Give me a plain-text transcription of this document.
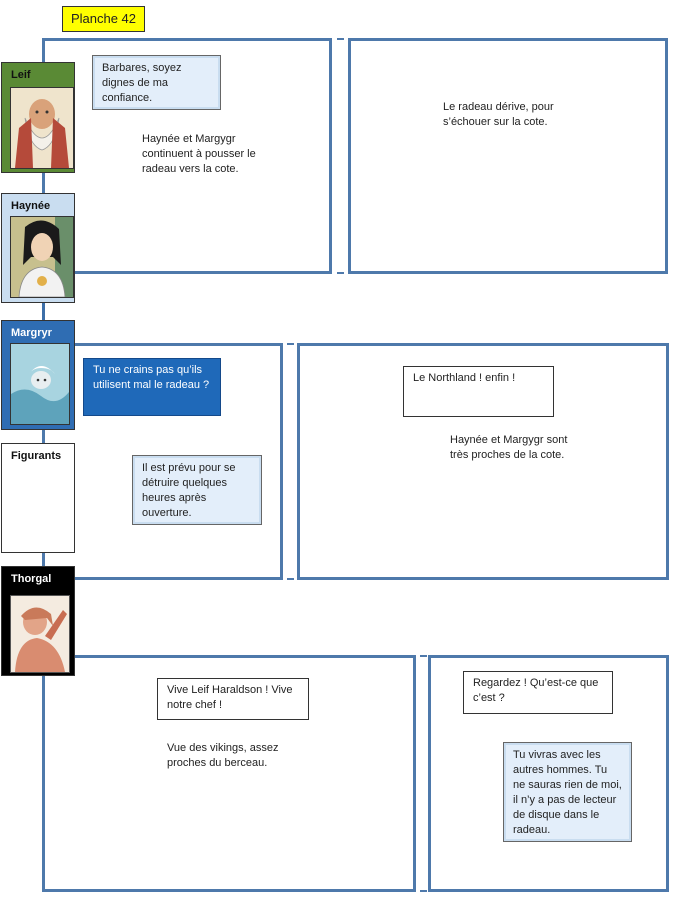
Planche 42
Leif
Haynée
Margryr
Figurants
Thorgal
Barbares, soyez dignes de ma confiance.
Haynée et Margygr continuent à pousser le radeau vers la cote.
Le radeau dérive, pour s’échouer sur la cote.
Tu ne crains pas qu’ils utilisent mal le radeau ?
Il est prévu pour se détruire quelques heures après ouverture.
Le Northland ! enfin !
Haynée et Margygr sont très proches de la cote.
Vive Leif Haraldson ! Vive notre chef !
Vue des vikings, assez proches du berceau.
Regardez ! Qu’est-ce que c’est ?
Tu vivras avec les autres hommes. Tu ne sauras rien de moi, il n’y a pas de lecteur de disque dans le radeau.
